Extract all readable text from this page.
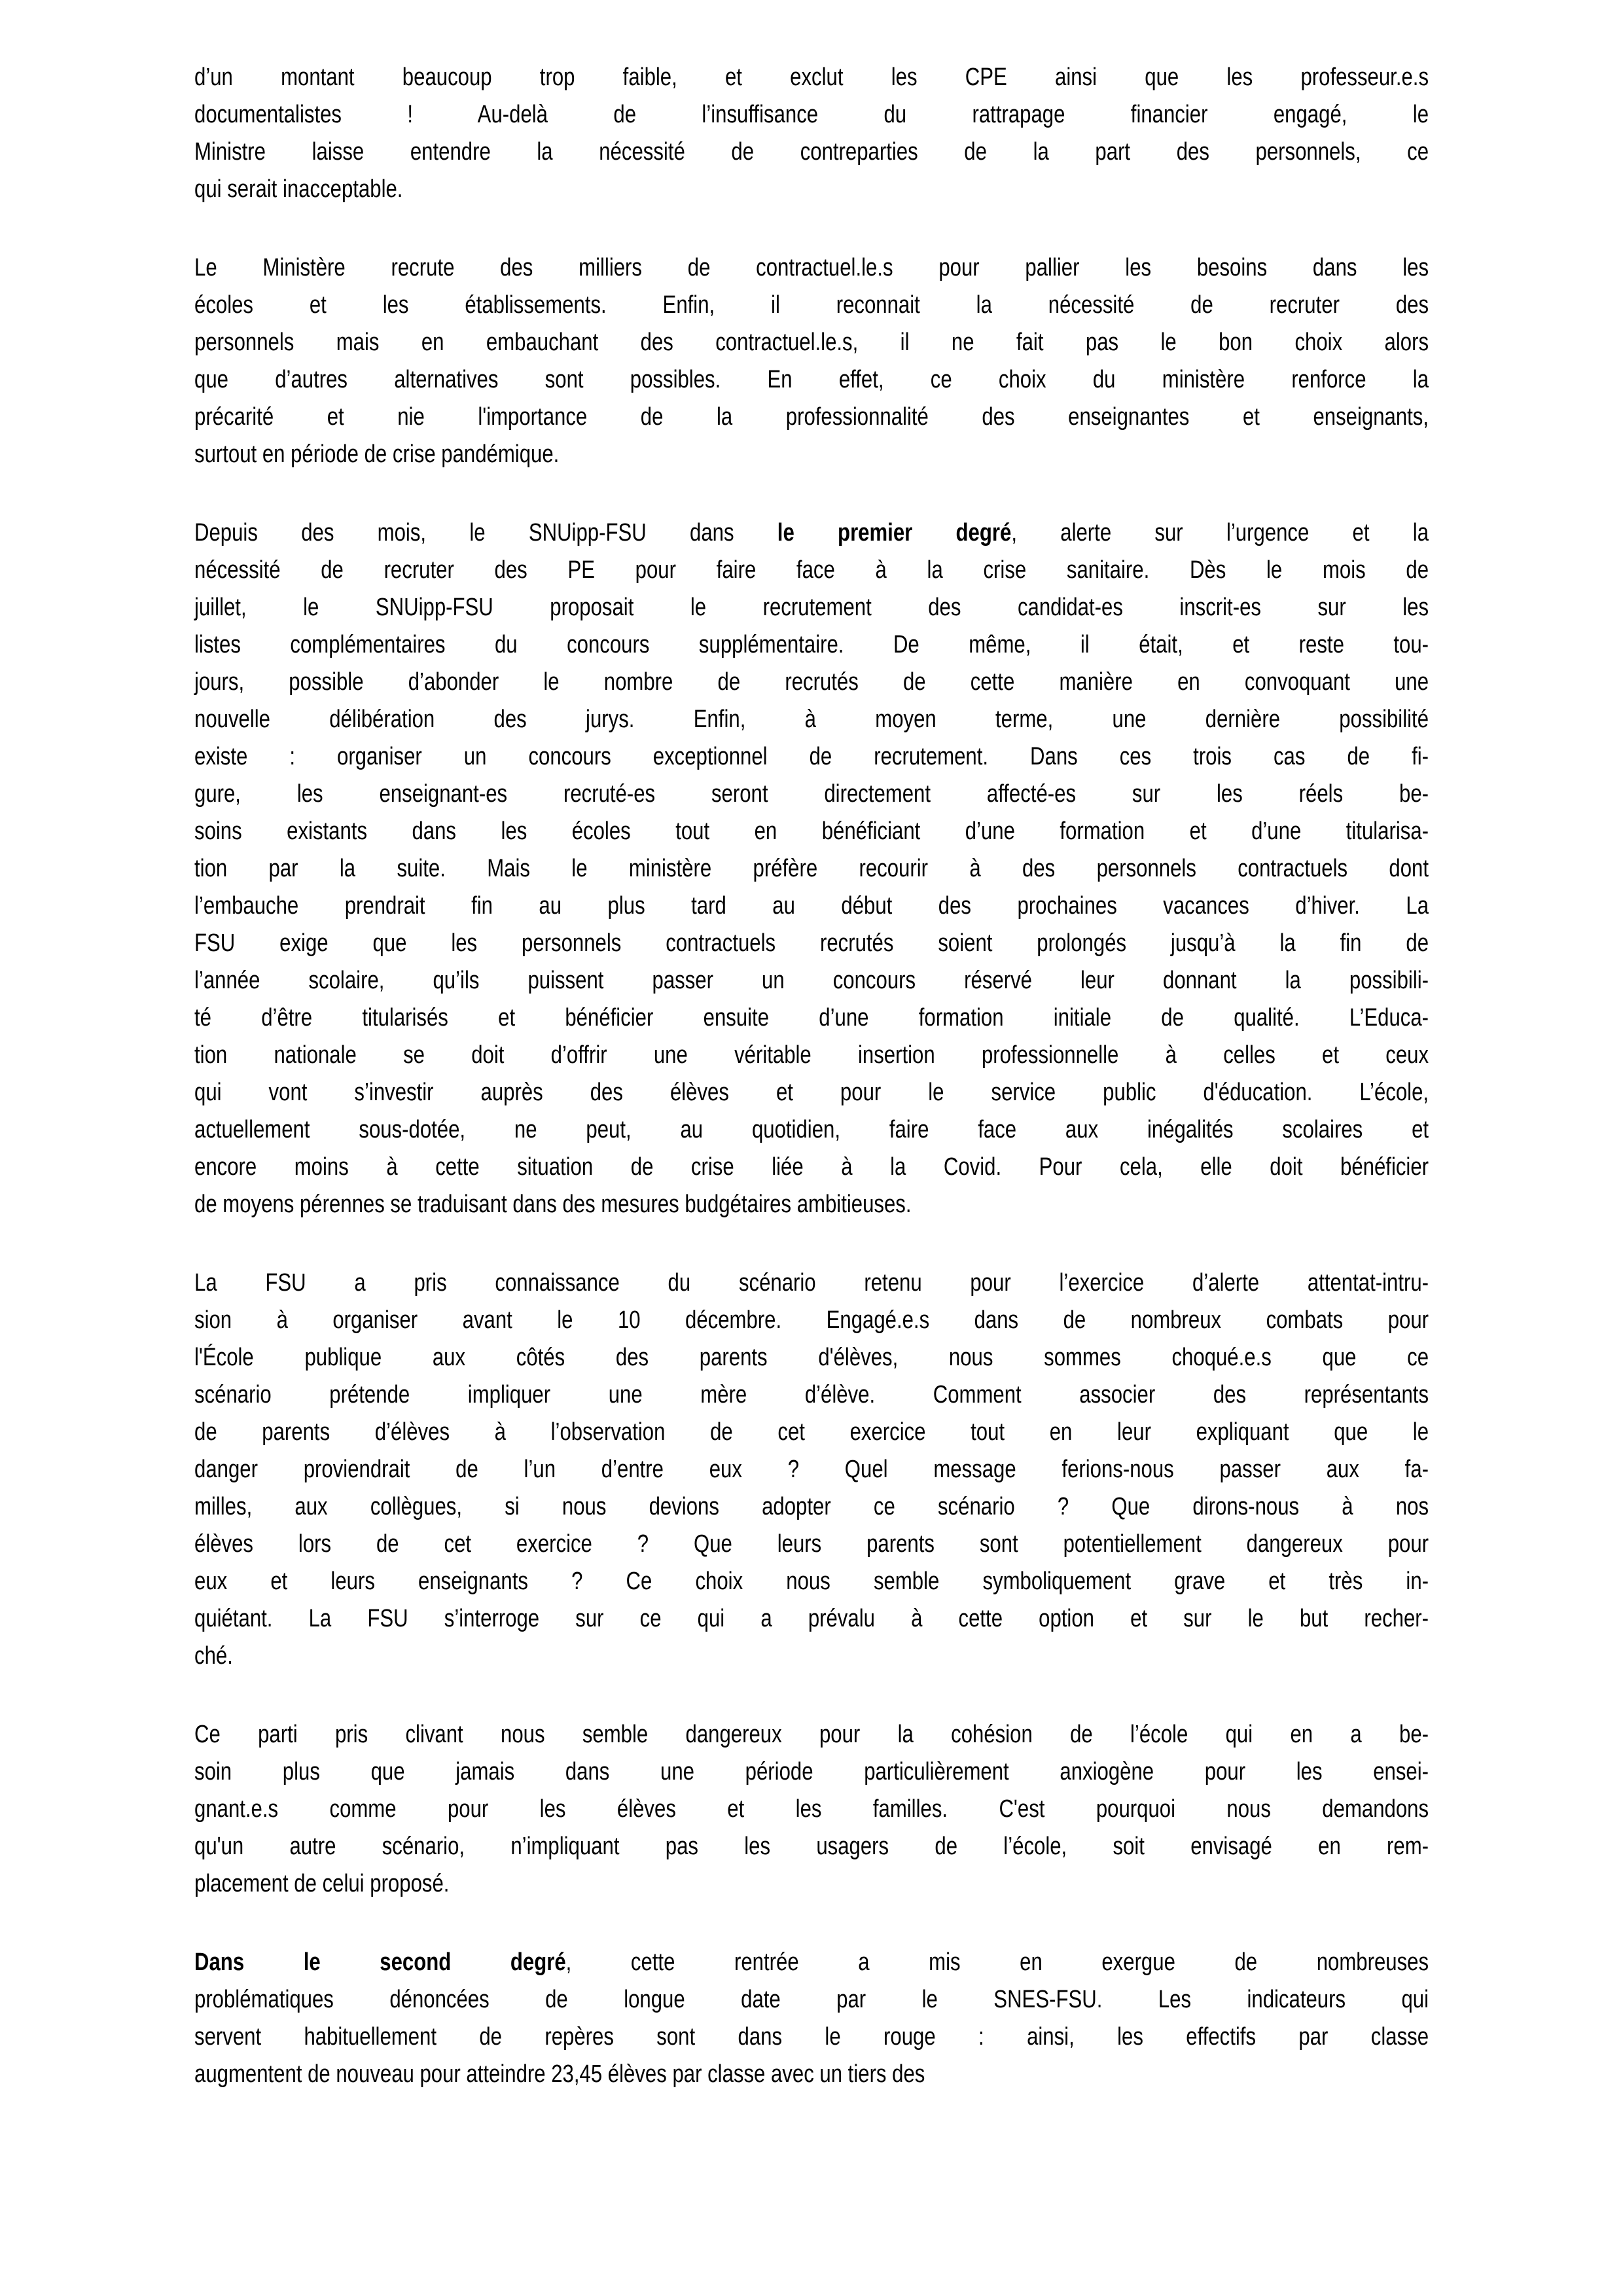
d’un montant beaucoup trop faible, et exclut les CPE ainsi que les professeur.e.s
documentalistes ! Au-delà de l’insuffisance du rattrapage financier engagé, le
Ministre laisse entendre la nécessité de contreparties de la part des personnels, ce
qui serait inacceptable.
Le Ministère recrute des milliers de contractuel.le.s pour pallier les besoins dans les
écoles et les établissements. Enfin, il reconnait la nécessité de recruter des
personnels mais en embauchant des contractuel.le.s, il ne fait pas le bon choix alors
que d’autres alternatives sont possibles. En effet, ce choix du ministère renforce la
précarité et nie l'importance de la professionnalité des enseignantes et enseignants,
surtout en période de crise pandémique.
Depuis des mois, le SNUipp-FSU dans le premier degré, alerte sur l’urgence et la
nécessité de recruter des PE pour faire face à la crise sanitaire. Dès le mois de
juillet, le SNUipp-FSU proposait le recrutement des candidat-es inscrit-es sur les
listes complémentaires du concours supplémentaire. De même, il était, et reste tou-
jours, possible d’abonder le nombre de recrutés de cette manière en convoquant une
nouvelle délibération des jurys. Enfin, à moyen terme, une dernière possibilité
existe : organiser un concours exceptionnel de recrutement. Dans ces trois cas de fi-
gure, les enseignant-es recruté-es seront directement affecté-es sur les réels be-
soins existants dans les écoles tout en bénéficiant d’une formation et d’une titularisa-
tion par la suite. Mais le ministère préfère recourir à des personnels contractuels dont
l’embauche prendrait fin au plus tard au début des prochaines vacances d’hiver. La
FSU exige que les personnels contractuels recrutés soient prolongés jusqu’à la fin de
l’année scolaire, qu’ils puissent passer un concours réservé leur donnant la possibili-
té d’être titularisés et bénéficier ensuite d’une formation initiale de qualité. L’Educa-
tion nationale se doit d’offrir une véritable insertion professionnelle à celles et ceux
qui vont s’investir auprès des élèves et pour le service public d'éducation. L’école,
actuellement sous-dotée, ne peut, au quotidien, faire face aux inégalités scolaires et
encore moins à cette situation de crise liée à la Covid. Pour cela, elle doit bénéficier
de moyens pérennes se traduisant dans des mesures budgétaires ambitieuses.
La FSU a pris connaissance du scénario retenu pour l’exercice d’alerte attentat-intru-
sion à organiser avant le 10 décembre. Engagé.e.s dans de nombreux combats pour
l'École publique aux côtés des parents d'élèves, nous sommes choqué.e.s que ce
scénario prétende impliquer une mère d’élève. Comment associer des représentants
de parents d’élèves à l’observation de cet exercice tout en leur expliquant que le
danger proviendrait de l’un d’entre eux ? Quel message ferions-nous passer aux fa-
milles, aux collègues, si nous devions adopter ce scénario ? Que dirons-nous à nos
élèves lors de cet exercice ? Que leurs parents sont potentiellement dangereux pour
eux et leurs enseignants ? Ce choix nous semble symboliquement grave et très in-
quiétant. La FSU s’interroge sur ce qui a prévalu à cette option et sur le but recher-
ché.
Ce parti pris clivant nous semble dangereux pour la cohésion de l’école qui en a be-
soin plus que jamais dans une période particulièrement anxiogène pour les ensei-
gnant.e.s comme pour les élèves et les familles. C'est pourquoi nous demandons
qu'un autre scénario, n’impliquant pas les usagers de l’école, soit envisagé en rem-
placement de celui proposé.
Dans le second degré, cette rentrée a mis en exergue de nombreuses
problématiques dénoncées de longue date par le SNES-FSU. Les indicateurs qui
servent habituellement de repères sont dans le rouge : ainsi, les effectifs par classe
augmentent de nouveau pour atteindre 23,45 élèves par classe avec un tiers des
